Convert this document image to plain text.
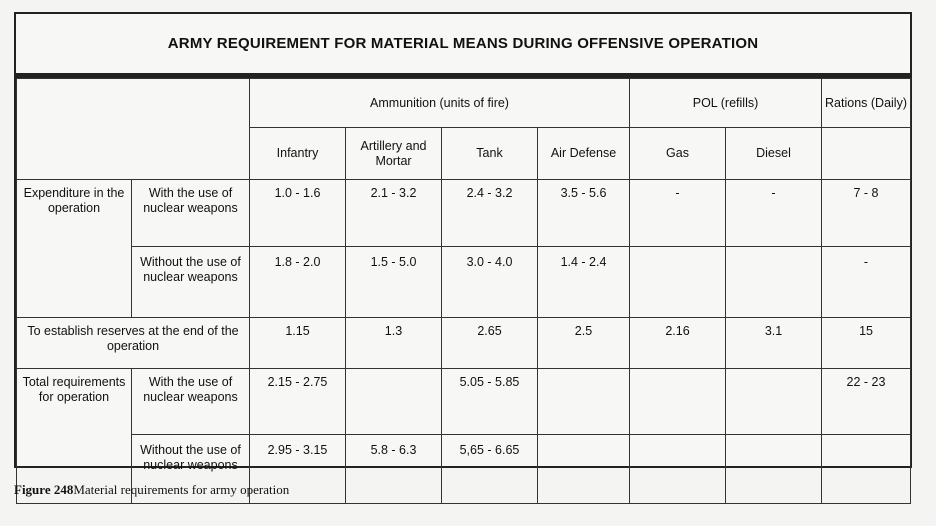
ARMY REQUIREMENT FOR MATERIAL MEANS DURING OFFENSIVE OPERATION
		Ammunition (units of fire)				POL (refills)		Rations (Daily)
		Infantry	Artillery and Mortar	Tank	Air Defense	Gas	Diesel	
Expenditure in the operation	With the use of nuclear weapons	1.0 - 1.6	2.1 - 3.2	2.4 - 3.2	3.5 - 5.6	-	-	7 - 8
	Without the use of nuclear weapons	1.8 - 2.0	1.5 - 5.0	3.0 - 4.0	1.4 - 2.4			-
To establish reserves at the end of the operation		1.15	1.3	2.65	2.5	2.16	3.1	15
Total requirements for operation	With the use of nuclear weapons	2.15 - 2.75		5.05 - 5.85				22 - 23
	Without the use of nuclear weapons	2.95 - 3.15	5.8 - 6.3	5,65 - 6.65				
Figure 248Material requirements for army operation
